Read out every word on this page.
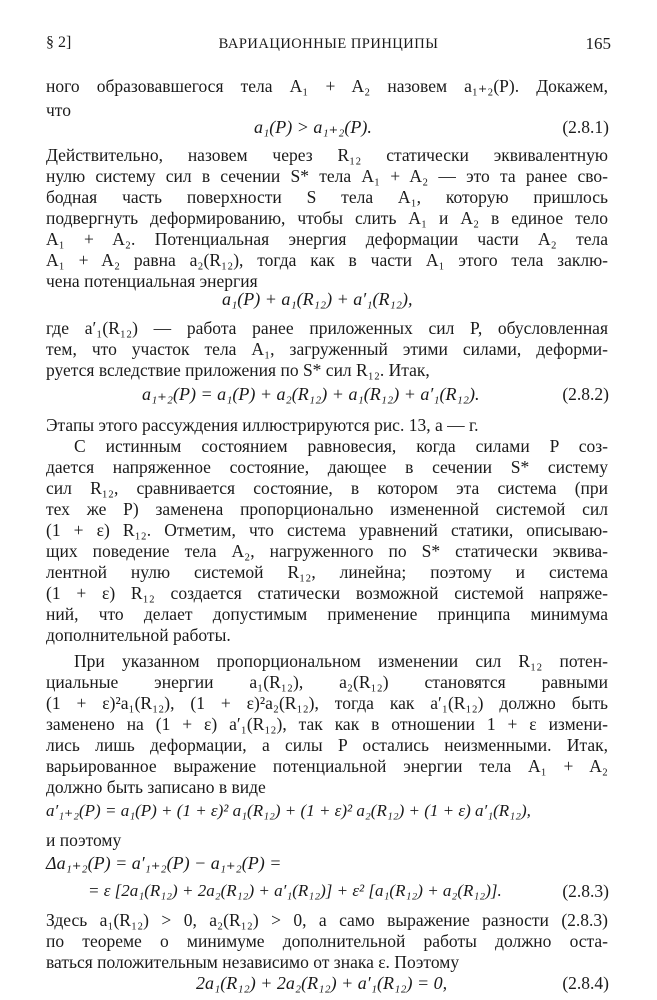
§ 2]	ВАРИАЦИОННЫЕ ПРИНЦИПЫ	165
ного образовавшегося тела A₁ + A₂ назовем a₁₊₂(P). Докажем,
что
a₁(P) > a₁₊₂(P).	(2.8.1)
Действительно, назовем через R₁₂ статически эквивалентную
нулю систему сил в сечении S* тела A₁ + A₂ — это та ранее сво-
бодная часть поверхности S тела A₁, которую пришлось
подвергнуть деформированию, чтобы слить A₁ и A₂ в единое тело
A₁ + A₂. Потенциальная энергия деформации части A₂ тела
A₁ + A₂ равна a₂(R₁₂), тогда как в части A₁ этого тела заклю-
чена потенциальная энергия
a₁(P) + a₁(R₁₂) + a′₁(R₁₂),
где a′₁(R₁₂) — работа ранее приложенных сил P, обусловленная
тем, что участок тела A₁, загруженный этими силами, деформи-
руется вследствие приложения по S* сил R₁₂. Итак,
a₁₊₂(P) = a₁(P) + a₂(R₁₂) + a₁(R₁₂) + a′₁(R₁₂).	(2.8.2)
Этапы этого рассуждения иллюстрируются рис. 13, а — г.
С истинным состоянием равновесия, когда силами P соз-
дается напряженное состояние, дающее в сечении S* систему
сил R₁₂, сравнивается состояние, в котором эта система (при
тех же P) заменена пропорционально измененной системой сил
(1 + ε) R₁₂. Отметим, что система уравнений статики, описываю-
щих поведение тела A₂, нагруженного по S* статически эквива-
лентной нулю системой R₁₂, линейна; поэтому и система
(1 + ε) R₁₂ создается статически возможной системой напряже-
ний, что делает допустимым применение принципа минимума
дополнительной работы.
При указанном пропорциональном изменении сил R₁₂ потен-
циальные энергии a₁(R₁₂), a₂(R₁₂) становятся равными
(1 + ε)²a₁(R₁₂), (1 + ε)²a₂(R₁₂), тогда как a′₁(R₁₂) должно быть
заменено на (1 + ε) a′₁(R₁₂), так как в отношении 1 + ε измени-
лись лишь деформации, а силы P остались неизменными. Итак,
варьированное выражение потенциальной энергии тела A₁ + A₂
должно быть записано в виде
a′₁₊₂(P) = a₁(P) + (1 + ε)² a₁(R₁₂) + (1 + ε)² a₂(R₁₂) + (1 + ε) a′₁(R₁₂),
и поэтому
Δa₁₊₂(P) = a′₁₊₂(P) − a₁₊₂(P) =
= ε [2a₁(R₁₂) + 2a₂(R₁₂) + a′₁(R₁₂)] + ε² [a₁(R₁₂) + a₂(R₁₂)].	(2.8.3)
Здесь a₁(R₁₂) > 0, a₂(R₁₂) > 0, а само выражение разности (2.8.3)
по теореме о минимуме дополнительной работы должно оста-
ваться положительным независимо от знака ε. Поэтому
2a₁(R₁₂) + 2a₂(R₁₂) + a′₁(R₁₂) = 0,	(2.8.4)
